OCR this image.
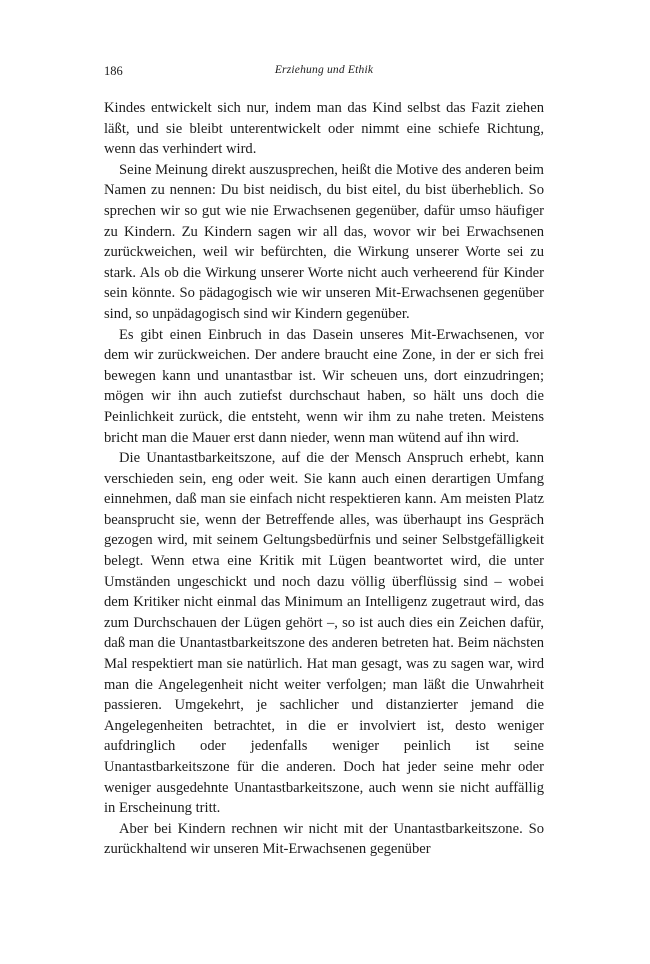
186	Erziehung und Ethik

Kindes entwickelt sich nur, indem man das Kind selbst das Fazit ziehen läßt, und sie bleibt unterentwickelt oder nimmt eine schiefe Richtung, wenn das verhindert wird.

Seine Meinung direkt auszusprechen, heißt die Motive des anderen beim Namen zu nennen: Du bist neidisch, du bist eitel, du bist überheblich. So sprechen wir so gut wie nie Erwachsenen gegenüber, dafür umso häufiger zu Kindern. Zu Kindern sagen wir all das, wovor wir bei Erwachsenen zurückweichen, weil wir befürchten, die Wirkung unserer Worte sei zu stark. Als ob die Wirkung unserer Worte nicht auch verheerend für Kinder sein könnte. So pädagogisch wie wir unseren Mit-Erwachsenen gegenüber sind, so unpädagogisch sind wir Kindern gegenüber.

Es gibt einen Einbruch in das Dasein unseres Mit-Erwachsenen, vor dem wir zurückweichen. Der andere braucht eine Zone, in der er sich frei bewegen kann und unantastbar ist. Wir scheuen uns, dort einzudringen; mögen wir ihn auch zutiefst durchschaut haben, so hält uns doch die Peinlichkeit zurück, die entsteht, wenn wir ihm zu nahe treten. Meistens bricht man die Mauer erst dann nieder, wenn man wütend auf ihn wird.

Die Unantastbarkeitszone, auf die der Mensch Anspruch erhebt, kann verschieden sein, eng oder weit. Sie kann auch einen derartigen Umfang einnehmen, daß man sie einfach nicht respektieren kann. Am meisten Platz beansprucht sie, wenn der Betreffende alles, was überhaupt ins Gespräch gezogen wird, mit seinem Geltungsbedürfnis und seiner Selbstgefälligkeit belegt. Wenn etwa eine Kritik mit Lügen beantwortet wird, die unter Umständen ungeschickt und noch dazu völlig überflüssig sind – wobei dem Kritiker nicht einmal das Minimum an Intelligenz zugetraut wird, das zum Durchschauen der Lügen gehört –, so ist auch dies ein Zeichen dafür, daß man die Unantastbarkeitszone des anderen betreten hat. Beim nächsten Mal respektiert man sie natürlich. Hat man gesagt, was zu sagen war, wird man die Angelegenheit nicht weiter verfolgen; man läßt die Unwahrheit passieren. Umgekehrt, je sachlicher und distanzierter jemand die Angelegenheiten betrachtet, in die er involviert ist, desto weniger aufdringlich oder jedenfalls weniger peinlich ist seine Unantastbarkeitszone für die anderen. Doch hat jeder seine mehr oder weniger ausgedehnte Unantastbarkeitszone, auch wenn sie nicht auffällig in Erscheinung tritt.

Aber bei Kindern rechnen wir nicht mit der Unantastbarkeitszone. So zurückhaltend wir unseren Mit-Erwachsenen gegenüber
